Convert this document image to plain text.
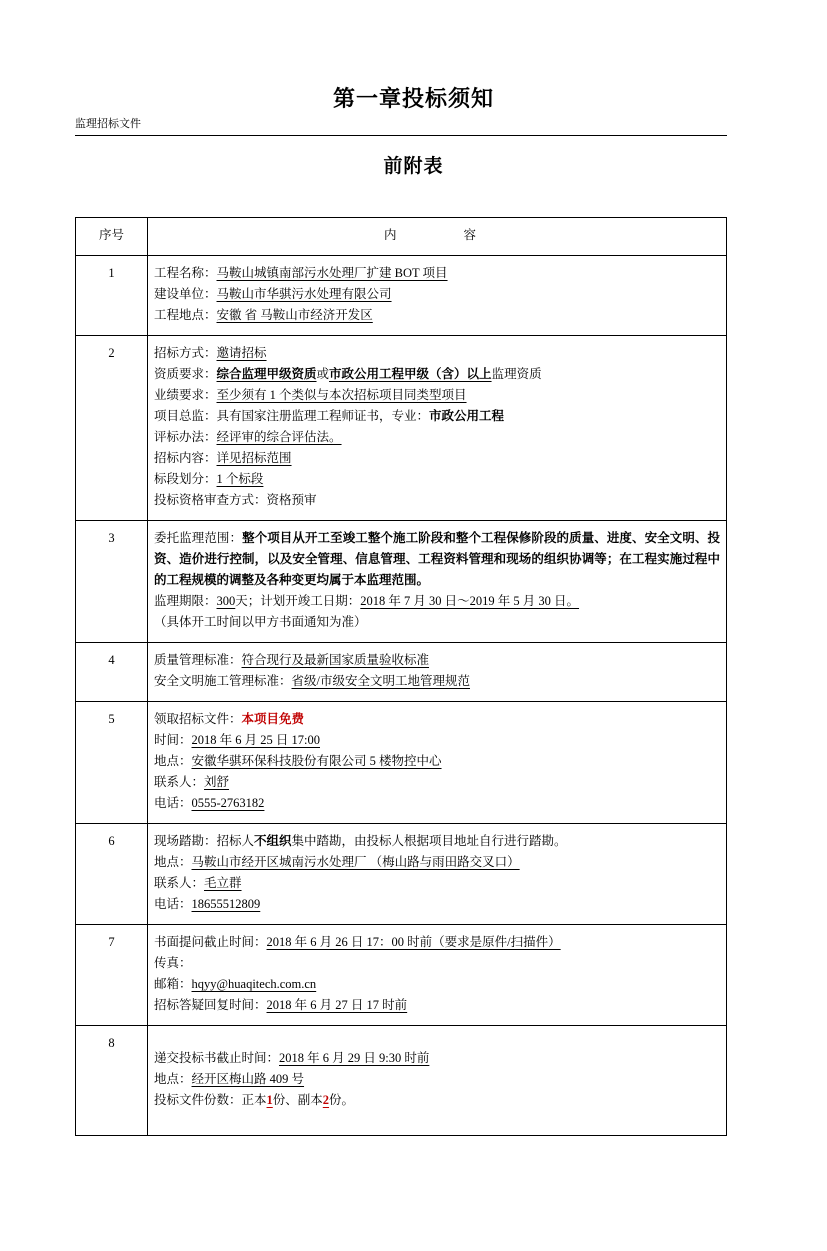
监理招标文件
第一章投标须知
前附表
序号	内　　容
1	工程名称：马鞍山城镇南部污水处理厂扩建 BOT 项目
建设单位：马鞍山市华骐污水处理有限公司
工程地点：安徽 省 马鞍山市经济开发区

2	招标方式：邀请招标
资质要求：综合监理甲级资质或市政公用工程甲级（含）以上监理资质
业绩要求：至少须有 1 个类似与本次招标项目同类型项目
项目总监：具有国家注册监理工程师证书，专业：市政公用工程
评标办法：经评审的综合评估法。
招标内容：详见招标范围
标段划分：1 个标段
投标资格审查方式：资格预审

3	委托监理范围：整个项目从开工至竣工整个施工阶段和整个工程保修阶段的质量、进度、安全文明、投资、造价进行控制，以及安全管理、信息管理、工程资料管理和现场的组织协调等；在工程实施过程中的工程规模的调整及各种变更均属于本监理范围。
监理期限：300天；计划开竣工日期：2018 年 7 月 30 日～2019 年 5 月 30 日。
（具体开工时间以甲方书面通知为准）

4	质量管理标准：符合现行及最新国家质量验收标准
安全文明施工管理标准：省级/市级安全文明工地管理规范

5	领取招标文件：本项目免费
时间：2018 年 6 月 25 日 17:00
地点：安徽华骐环保科技股份有限公司 5 楼物控中心
联系人：刘舒
电话：0555-2763182

6	现场踏勘：招标人不组织集中踏勘，由投标人根据项目地址自行进行踏勘。
地点：马鞍山市经开区城南污水处理厂 （梅山路与雨田路交叉口）
联系人：毛立群
电话：18655512809

7	书面提问截止时间：2018 年 6 月 26 日 17：00 时前（要求是原件/扫描件）
传真：
邮箱：hqyy@huaqitech.com.cn
招标答疑回复时间：2018 年 6 月 27 日 17 时前

8	递交投标书截止时间：2018 年 6 月 29 日 9:30 时前
地点：经开区梅山路 409 号
投标文件份数：正本1份、副本2份。
